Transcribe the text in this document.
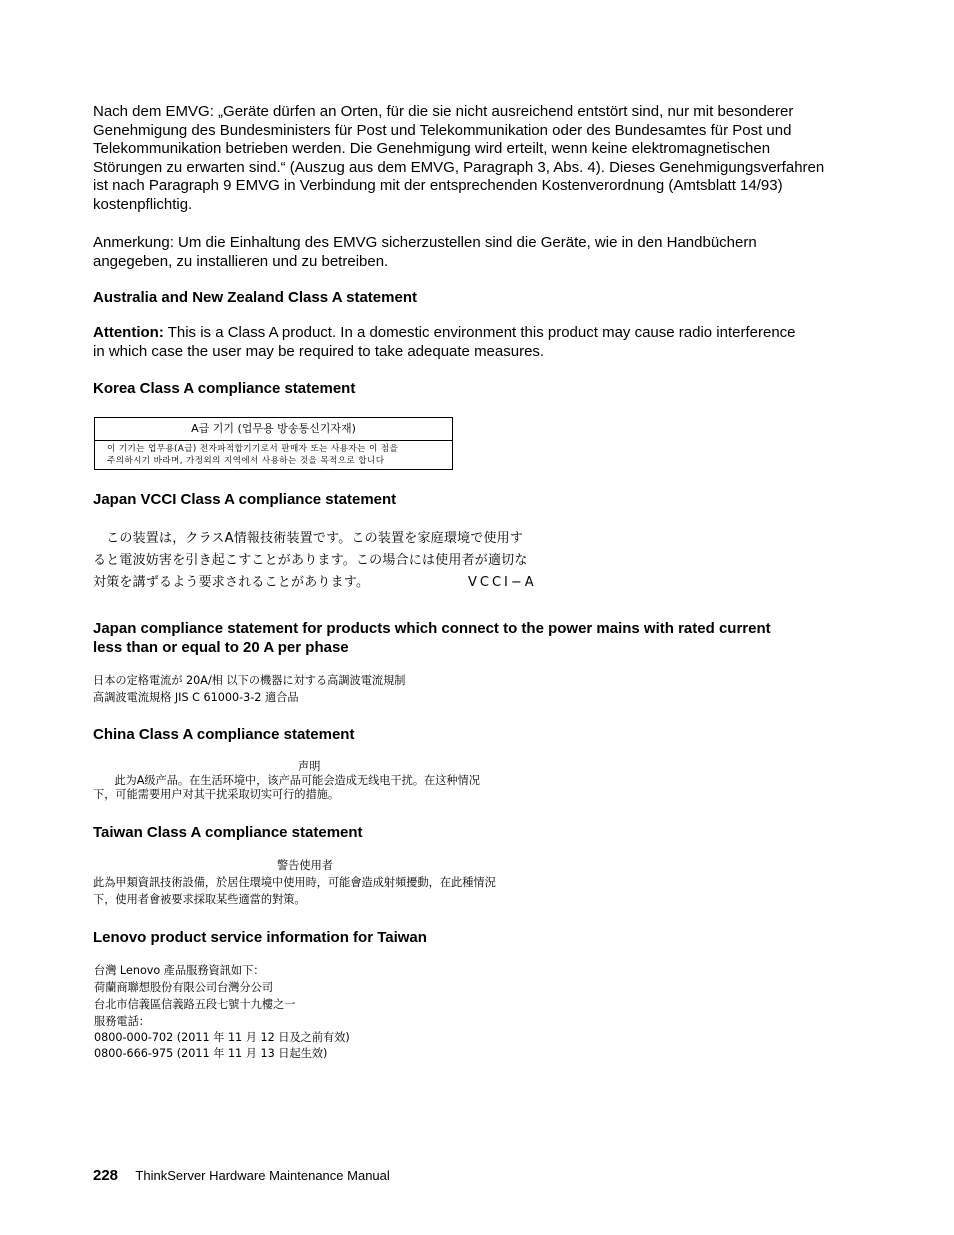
Nach dem EMVG: „Geräte dürfen an Orten, für die sie nicht ausreichend entstört sind, nur mit besonderer

Genehmigung des Bundesministers für Post und Telekommunikation oder des Bundesamtes für Post und

Telekommunikation betrieben werden. Die Genehmigung wird erteilt, wenn keine elektromagnetischen

Störungen zu erwarten sind.“ (Auszug aus dem EMVG, Paragraph 3, Abs. 4). Dieses Genehmigungsverfahren

ist nach Paragraph 9 EMVG in Verbindung mit der entsprechenden Kostenverordnung (Amtsblatt 14/93)

kostenpflichtig.

Anmerkung: Um die Einhaltung des EMVG sicherzustellen sind die Geräte, wie in den Handbüchern

angegeben, zu installieren und zu betreiben.

Australia and New Zealand Class A statement

Attention: This is a Class A product. In a domestic environment this product may cause radio interference

in which case the user may be required to take adequate measures.

Korea Class A compliance statement

A급 기기 (업무용 방송통신기자재)
이 기기는 업무용(A급) 전자파적합기기로서 판매자 또는 사용자는 이 점을
주의하시기 바라며, 가정외의 지역에서 사용하는 것을 목적으로 합니다

Japan VCCI Class A compliance statement

　この装置は，クラスA情報技術装置です。この装置を家庭環境で使用す
ると電波妨害を引き起こすことがあります。この場合には使用者が適切な
対策を講ずるよう要求されることがあります。	VCCI−A

Japan compliance statement for products which connect to the power mains with rated current

less than or equal to 20 A per phase

日本の定格電流が 20A/相 以下の機器に対する高調波電流規制

高調波電流規格 JIS C 61000-3-2 適合品

China Class A compliance statement

声明

此为A级产品。在生活环境中，该产品可能会造成无线电干扰。在这种情况

下，可能需要用户对其干扰采取切实可行的措施。

Taiwan Class A compliance statement

警告使用者

此為甲類資訊技術設備，於居住環境中使用時，可能會造成射頻擾動，在此種情況

下，使用者會被要求採取某些適當的對策。

Lenovo product service information for Taiwan

台灣 Lenovo 產品服務資訊如下：

荷蘭商聯想股份有限公司台灣分公司

台北市信義區信義路五段七號十九樓之一

服務電話：

0800-000-702 (2011 年 11 月 12 日及之前有效)

0800-666-975 (2011 年 11 月 13 日起生效)

228 ThinkServer Hardware Maintenance Manual
